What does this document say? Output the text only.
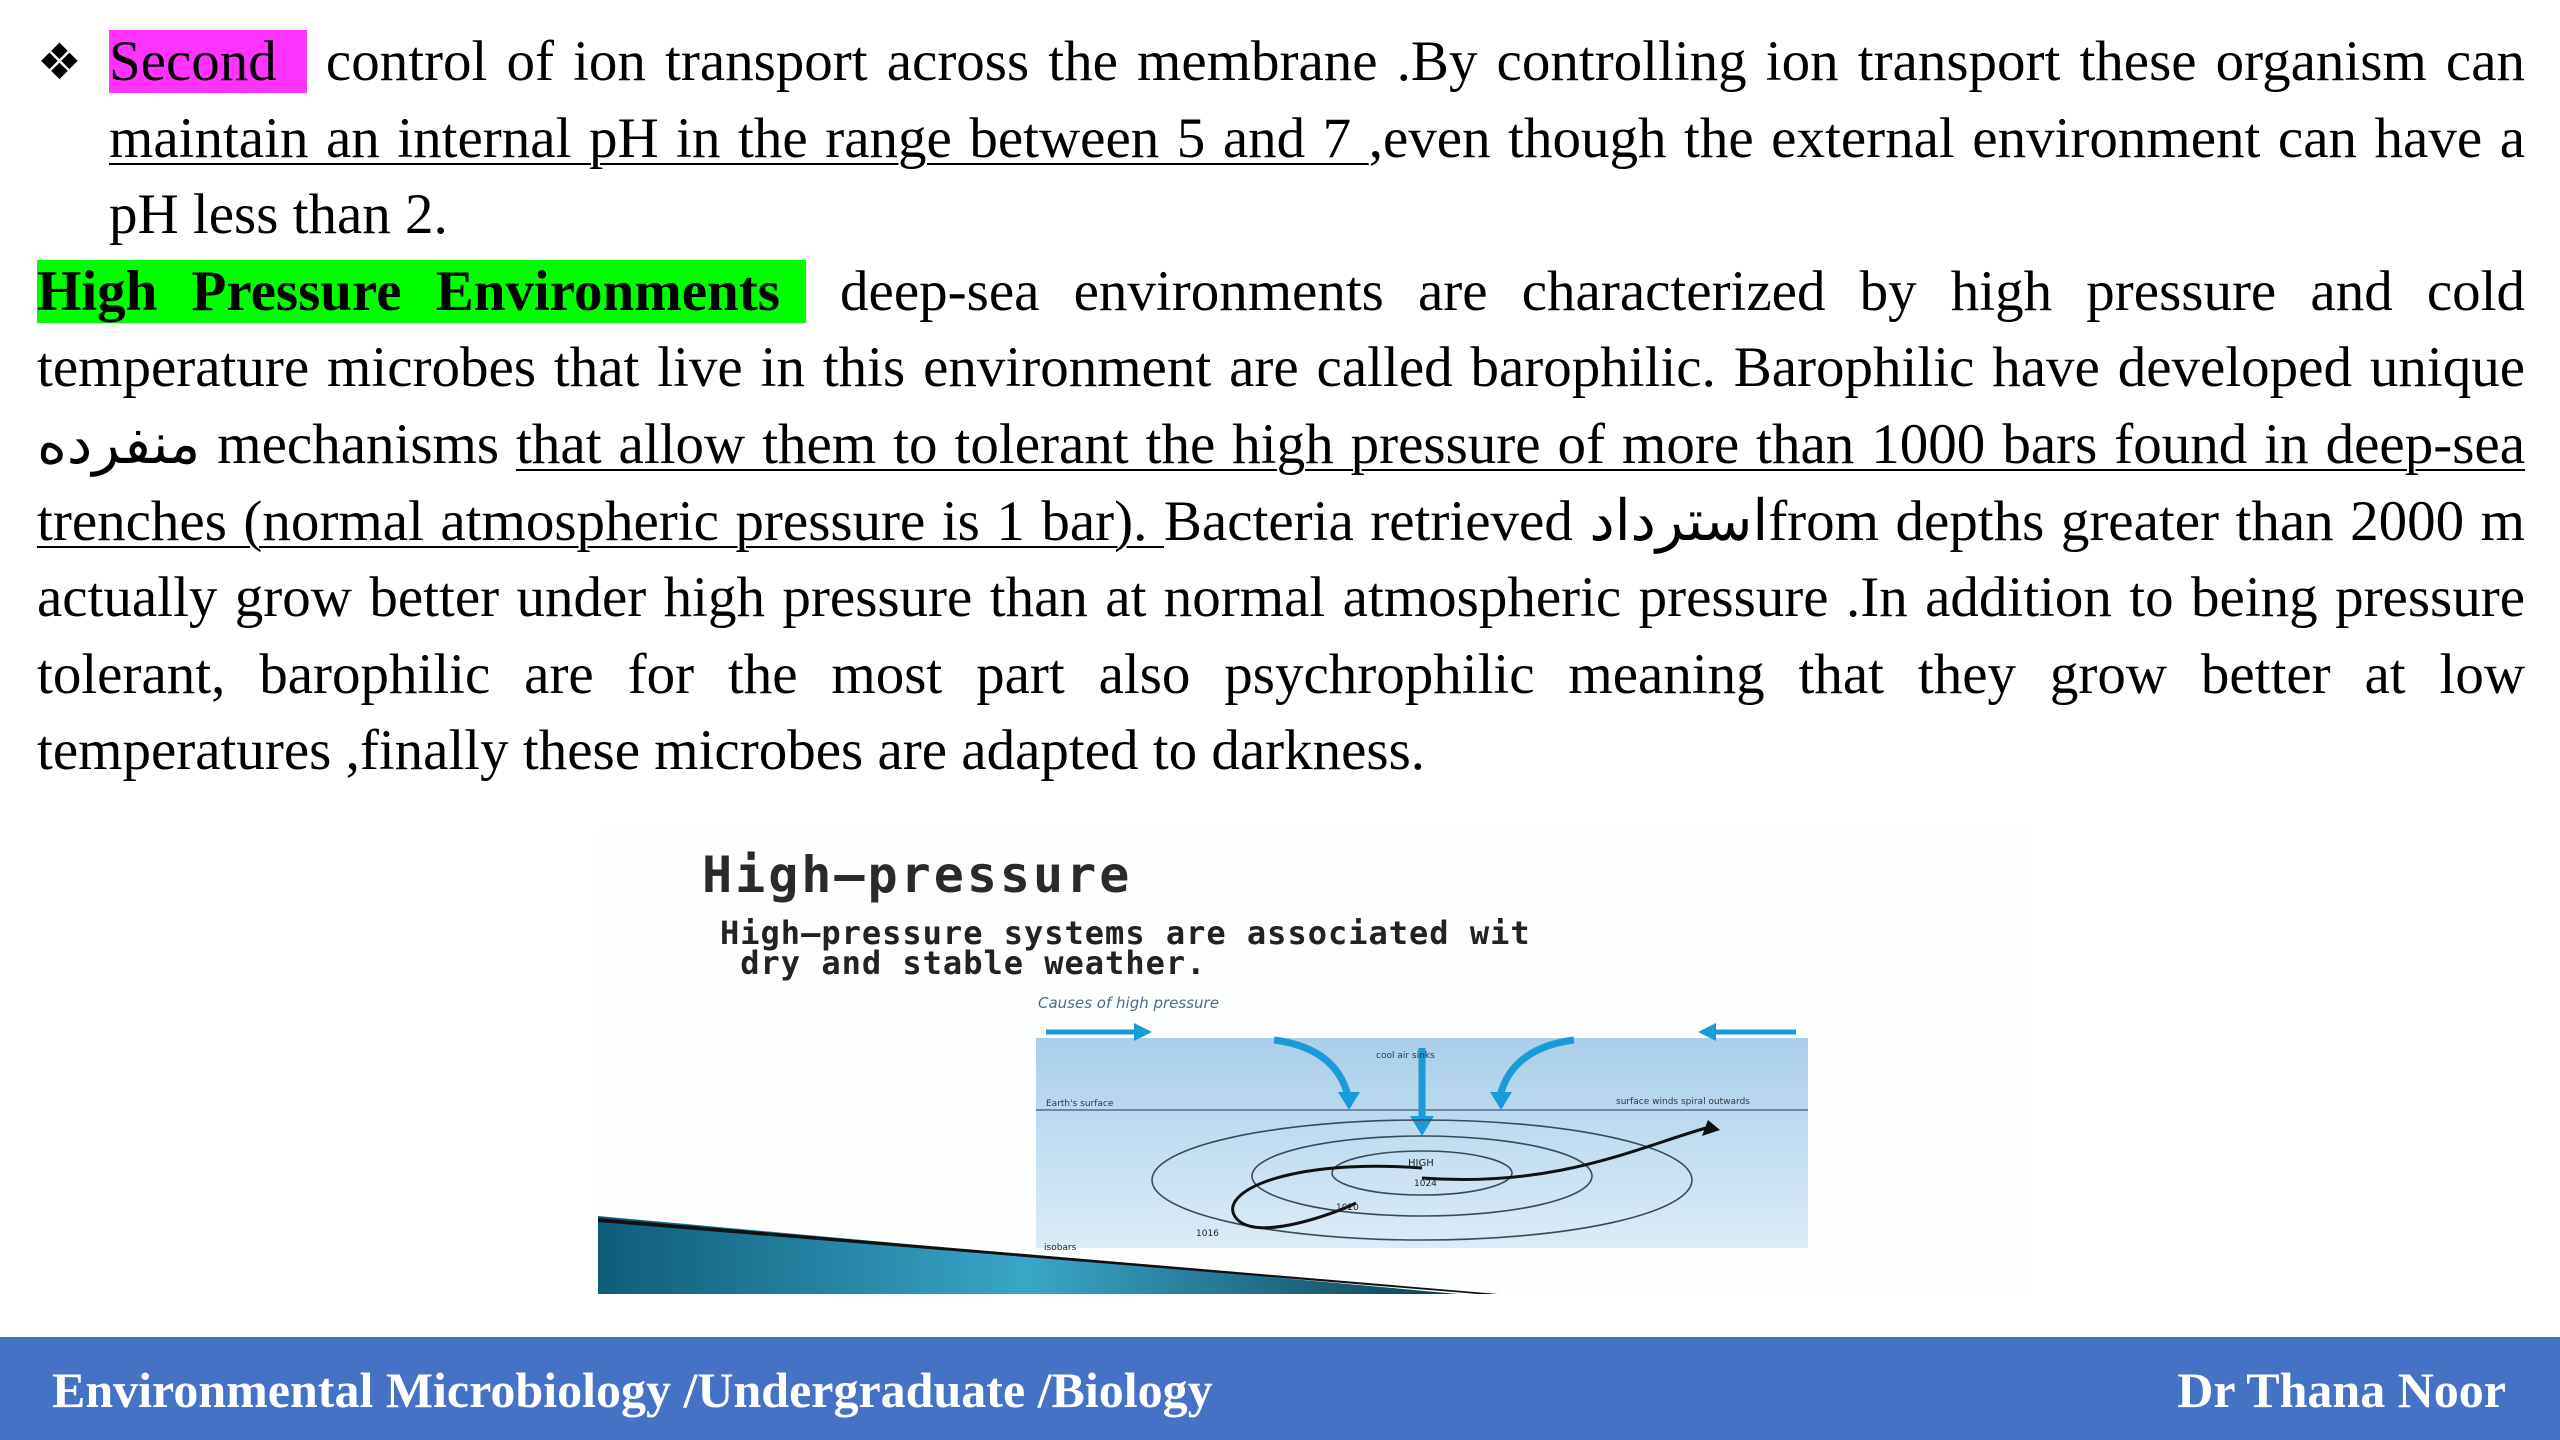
❖ Second control of ion transport across the membrane .By controlling ion transport these organism can maintain an internal pH in the range between 5 and 7 ,even though the external environment can have a pH less than 2.

High Pressure Environments deep-sea environments are characterized by high pressure and cold temperature microbes that live in this environment are called barophilic. Barophilic have developed unique منفرده mechanisms that allow them to tolerant the high pressure of more than 1000 bars found in deep-sea trenches (normal atmospheric pressure is 1 bar). Bacteria retrieved استردادfrom depths greater than 2000 m actually grow better under high pressure than at normal atmospheric pressure .In addition to being pressure tolerant, barophilic are for the most part also psychrophilic meaning that they grow better at low temperatures ,finally these microbes are adapted to darkness.

High–pressure
High–pressure systems are associated wit
dry and stable weather.
Causes of high pressure
cool air sinks
Earth's surface	surface winds spiral outwards
HIGH
1024
1020
1016
isobars
Environmental Microbiology /Undergraduate /Biology	Dr Thana Noor
